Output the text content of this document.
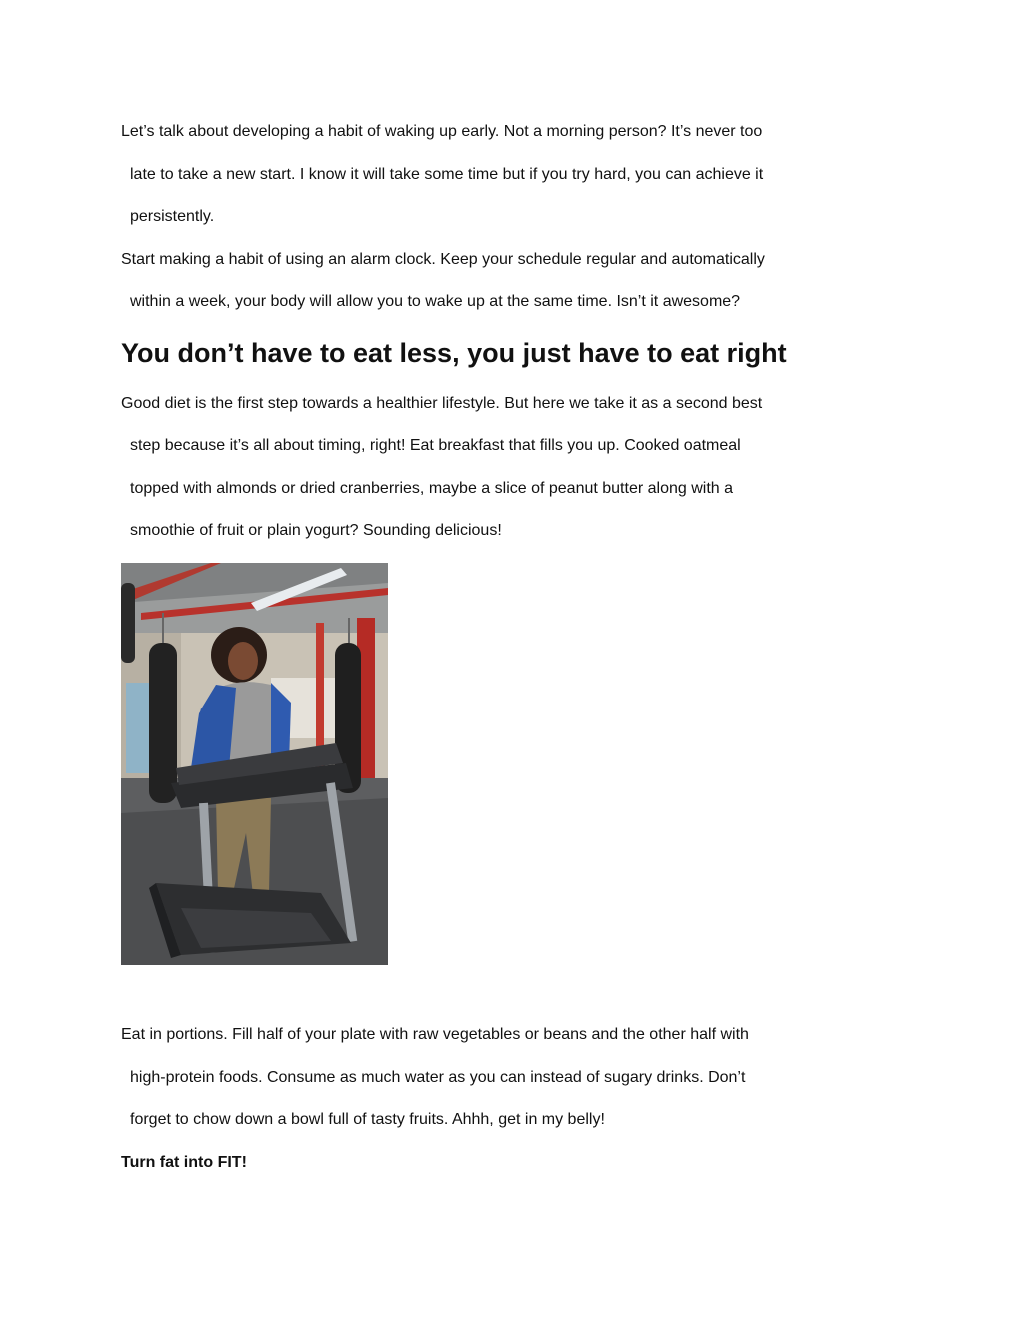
Let’s talk about developing a habit of waking up early. Not a morning person? It’s never too
late to take a new start. I know it will take some time but if you try hard, you can achieve it
persistently.
Start making a habit of using an alarm clock. Keep your schedule regular and automatically
within a week, your body will allow you to wake up at the same time. Isn’t it awesome?
You don’t have to eat less, you just have to eat right
Good diet is the first step towards a healthier lifestyle. But here we take it as a second best
step because it’s all about timing, right! Eat breakfast that fills you up. Cooked oatmeal
topped with almonds or dried cranberries, maybe a slice of peanut butter along with a
smoothie of fruit or plain yogurt? Sounding delicious!
Eat in portions. Fill half of your plate with raw vegetables or beans and the other half with
high-protein foods. Consume as much water as you can instead of sugary drinks. Don’t
forget to chow down a bowl full of tasty fruits. Ahhh, get in my belly!
Turn fat into FIT!
